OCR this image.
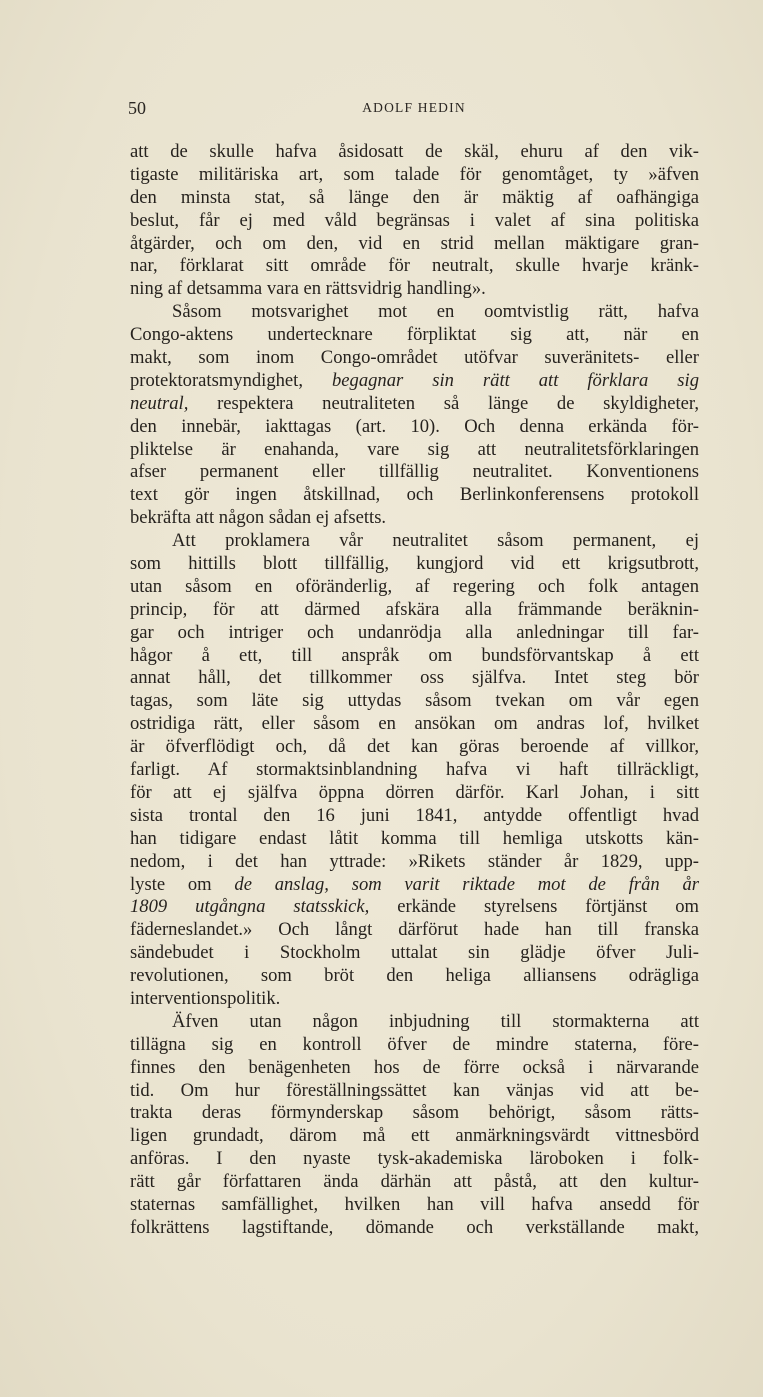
50	ADOLF HEDIN
att de skulle hafva åsidosatt de skäl, ehuru af den vik-
tigaste militäriska art, som talade för genomtåget, ty »äfven
den minsta stat, så länge den är mäktig af oafhängiga
beslut, får ej med våld begränsas i valet af sina politiska
åtgärder, och om den, vid en strid mellan mäktigare gran-
nar, förklarat sitt område för neutralt, skulle hvarje kränk-
ning af detsamma vara en rättsvidrig handling».
Såsom motsvarighet mot en oomtvistlig rätt, hafva
Congo-aktens undertecknare förpliktat sig att, när en
makt, som inom Congo-området utöfvar suveränitets- eller
protektoratsmyndighet, begagnar sin rätt att förklara sig
neutral, respektera neutraliteten så länge de skyldigheter,
den innebär, iakttagas (art. 10). Och denna erkända för-
pliktelse är enahanda, vare sig att neutralitetsförklaringen
afser permanent eller tillfällig neutralitet. Konventionens
text gör ingen åtskillnad, och Berlinkonferensens protokoll
bekräfta att någon sådan ej afsetts.
Att proklamera vår neutralitet såsom permanent, ej
som hittills blott tillfällig, kungjord vid ett krigsutbrott,
utan såsom en oföränderlig, af regering och folk antagen
princip, för att därmed afskära alla främmande beräknin-
gar och intriger och undanrödja alla anledningar till far-
hågor å ett, till anspråk om bundsförvantskap å ett
annat håll, det tillkommer oss själfva. Intet steg bör
tagas, som läte sig uttydas såsom tvekan om vår egen
ostridiga rätt, eller såsom en ansökan om andras lof, hvilket
är öfverflödigt och, då det kan göras beroende af villkor,
farligt. Af stormaktsinblandning hafva vi haft tillräckligt,
för att ej själfva öppna dörren därför. Karl Johan, i sitt
sista trontal den 16 juni 1841, antydde offentligt hvad
han tidigare endast låtit komma till hemliga utskotts kän-
nedom, i det han yttrade: »Rikets ständer år 1829, upp-
lyste om de anslag, som varit riktade mot de från år
1809 utgångna statsskick, erkände styrelsens förtjänst om
fäderneslandet.» Och långt därförut hade han till franska
sändebudet i Stockholm uttalat sin glädje öfver Juli-
revolutionen, som bröt den heliga alliansens odrägliga
interventionspolitik.
Äfven utan någon inbjudning till stormakterna att
tillägna sig en kontroll öfver de mindre staterna, före-
finnes den benägenheten hos de förre också i närvarande
tid. Om hur föreställningssättet kan vänjas vid att be-
trakta deras förmynderskap såsom behörigt, såsom rätts-
ligen grundadt, därom må ett anmärkningsvärdt vittnesbörd
anföras. I den nyaste tysk-akademiska läroboken i folk-
rätt går författaren ända därhän att påstå, att den kultur-
staternas samfällighet, hvilken han vill hafva ansedd för
folkrättens lagstiftande, dömande och verkställande makt,
